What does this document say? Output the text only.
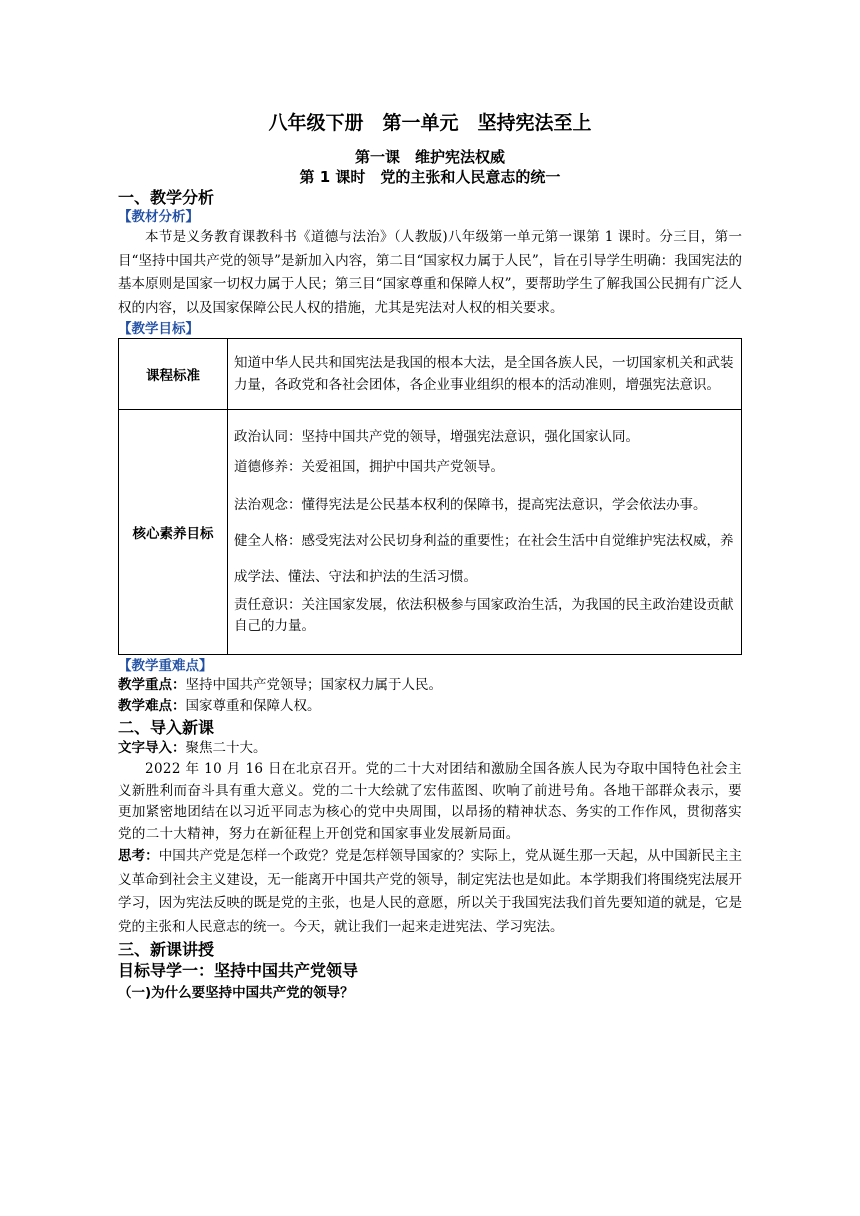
八年级下册　第一单元　坚持宪法至上

第一课　维护宪法权威

第 1 课时　党的主张和人民意志的统一

一、教学分析

【教材分析】

本节是义务教育课教科书《道德与法治》（人教版)八年级第一单元第一课第 1 课时。分三目，第一目“坚持中国共产党的领导”是新加入内容，第二目“国家权力属于人民”，旨在引导学生明确：我国宪法的基本原则是国家一切权力属于人民；第三目“国家尊重和保障人权”，要帮助学生了解我国公民拥有广泛人权的内容，以及国家保障公民人权的措施，尤其是宪法对人权的相关要求。

【教学目标】

课程标准	知道中华人民共和国宪法是我国的根本大法，是全国各族人民，一切国家机关和武装力量，各政党和各社会团体，各企业事业组织的根本的活动准则，增强宪法意识。
核心素养目标	政治认同：坚持中国共产党的领导，增强宪法意识，强化国家认同。

道德修养：关爱祖国，拥护中国共产党领导。

法治观念：懂得宪法是公民基本权利的保障书，提高宪法意识，学会依法办事。

健全人格：感受宪法对公民切身利益的重要性；在社会生活中自觉维护宪法权威，养成学法、懂法、守法和护法的生活习惯。

责任意识：关注国家发展，依法积极参与国家政治生活，为我国的民主政治建设贡献自己的力量。

【教学重难点】

教学重点：坚持中国共产党领导；国家权力属于人民。

教学难点：国家尊重和保障人权。

二、导入新课

文字导入：聚焦二十大。

2022 年 10 月 16 日在北京召开。党的二十大对团结和激励全国各族人民为夺取中国特色社会主义新胜利而奋斗具有重大意义。党的二十大绘就了宏伟蓝图、吹响了前进号角。各地干部群众表示，要更加紧密地团结在以习近平同志为核心的党中央周围，以昂扬的精神状态、务实的工作作风，贯彻落实党的二十大精神，努力在新征程上开创党和国家事业发展新局面。

思考：中国共产党是怎样一个政党？党是怎样领导国家的？实际上，党从诞生那一天起，从中国新民主主义革命到社会主义建设，无一能离开中国共产党的领导，制定宪法也是如此。本学期我们将围绕宪法展开学习，因为宪法反映的既是党的主张，也是人民的意愿，所以关于我国宪法我们首先要知道的就是，它是党的主张和人民意志的统一。今天，就让我们一起来走进宪法、学习宪法。

三、新课讲授

目标导学一：坚持中国共产党领导

（一)为什么要坚持中国共产党的领导？
